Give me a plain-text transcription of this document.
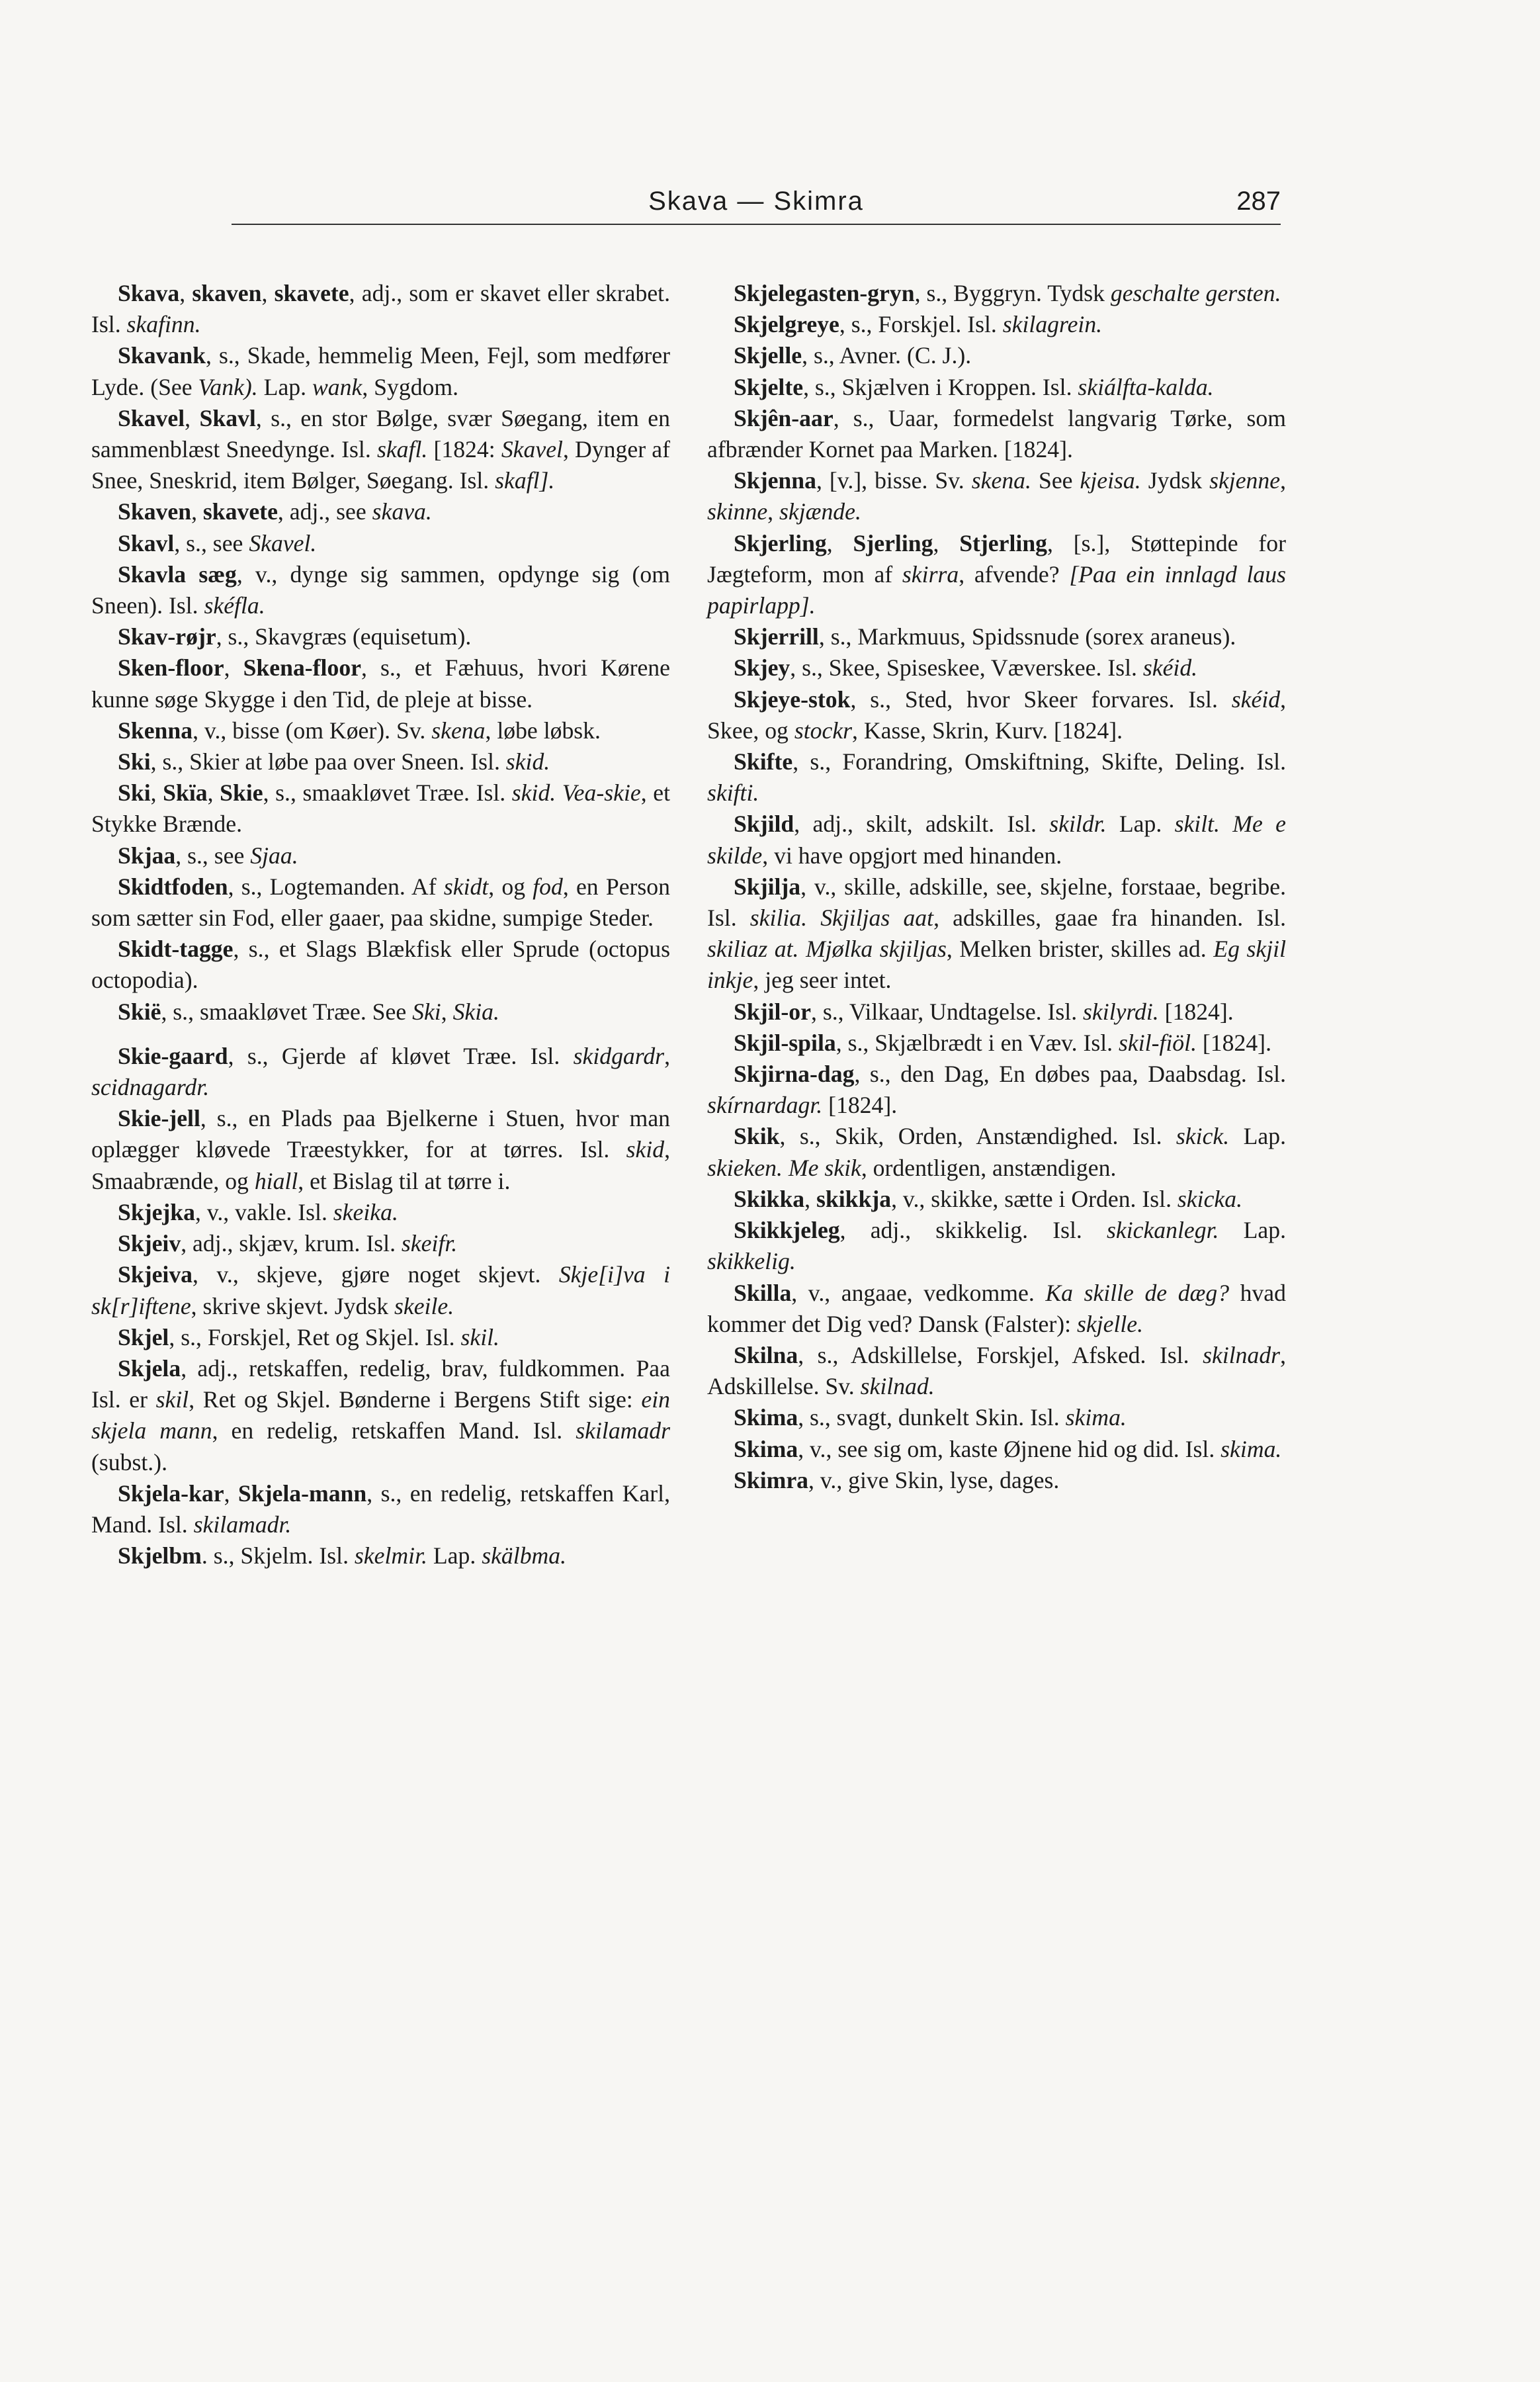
Skava — Skimra	287

Skava, skaven, skavete, adj., som er skavet eller skrabet. Isl. skafinn.

Skavank, s., Skade, hemmelig Meen, Fejl, som medfører Lyde. (See Vank). Lap. wank, Sygdom.

Skavel, Skavl, s., en stor Bølge, svær Søegang, item en sammenblæst Sneedynge. Isl. skafl. [1824: Skavel, Dynger af Snee, Sneskrid, item Bølger, Søegang. Isl. skafl].

Skaven, skavete, adj., see skava.

Skavl, s., see Skavel.

Skavla sæg, v., dynge sig sammen, opdynge sig (om Sneen). Isl. skéfla.

Skav-røjr, s., Skavgræs (equisetum).

Sken-floor, Skena-floor, s., et Fæhuus, hvori Kørene kunne søge Skygge i den Tid, de pleje at bisse.

Skenna, v., bisse (om Køer). Sv. skena, løbe løbsk.

Ski, s., Skier at løbe paa over Sneen. Isl. skid.

Ski, Skïa, Skie, s., smaakløvet Træe. Isl. skid. Vea-skie, et Stykke Brænde.

Skjaa, s., see Sjaa.

Skidtfoden, s., Logtemanden. Af skidt, og fod, en Person som sætter sin Fod, eller gaaer, paa skidne, sumpige Steder.

Skidt-tagge, s., et Slags Blækfisk eller Sprude (octopus octopodia).

Skië, s., smaakløvet Træe. See Ski, Skia.

Skie-gaard, s., Gjerde af kløvet Træe. Isl. skidgardr, scidnagardr.

Skie-jell, s., en Plads paa Bjelkerne i Stuen, hvor man oplægger kløvede Træestykker, for at tørres. Isl. skid, Smaabrænde, og hiall, et Bislag til at tørre i.

Skjejka, v., vakle. Isl. skeika.

Skjeiv, adj., skjæv, krum. Isl. skeifr.

Skjeiva, v., skjeve, gjøre noget skjevt. Skje[i]va i sk[r]iftene, skrive skjevt. Jydsk skeile.

Skjel, s., Forskjel, Ret og Skjel. Isl. skil.

Skjela, adj., retskaffen, redelig, brav, fuldkommen. Paa Isl. er skil, Ret og Skjel. Bønderne i Bergens Stift sige: ein skjela mann, en redelig, retskaffen Mand. Isl. skilamadr (subst.).

Skjela-kar, Skjela-mann, s., en redelig, retskaffen Karl, Mand. Isl. skilamadr.

Skjelbm. s., Skjelm. Isl. skelmir. Lap. skälbma.

Skjelegasten-gryn, s., Byggryn. Tydsk geschalte gersten.

Skjelgreye, s., Forskjel. Isl. skilagrein.

Skjelle, s., Avner. (C. J.).

Skjelte, s., Skjælven i Kroppen. Isl. skiálfta-kalda.

Skjên-aar, s., Uaar, formedelst langvarig Tørke, som afbrænder Kornet paa Marken. [1824].

Skjenna, [v.], bisse. Sv. skena. See kjeisa. Jydsk skjenne, skinne, skjænde.

Skjerling, Sjerling, Stjerling, [s.], Støttepinde for Jægteform, mon af skirra, afvende? [Paa ein innlagd laus papirlapp].

Skjerrill, s., Markmuus, Spidssnude (sorex araneus).

Skjey, s., Skee, Spiseskee, Væverskee. Isl. skéid.

Skjeye-stok, s., Sted, hvor Skeer forvares. Isl. skéid, Skee, og stockr, Kasse, Skrin, Kurv. [1824].

Skifte, s., Forandring, Omskiftning, Skifte, Deling. Isl. skifti.

Skjild, adj., skilt, adskilt. Isl. skildr. Lap. skilt. Me e skilde, vi have opgjort med hinanden.

Skjilja, v., skille, adskille, see, skjelne, forstaae, begribe. Isl. skilia. Skjiljas aat, adskilles, gaae fra hinanden. Isl. skiliaz at. Mjølka skjiljas, Melken brister, skilles ad. Eg skjil inkje, jeg seer intet.

Skjil-or, s., Vilkaar, Undtagelse. Isl. skilyrdi. [1824].

Skjil-spila, s., Skjælbrædt i en Væv. Isl. skil-fiöl. [1824].

Skjirna-dag, s., den Dag, En døbes paa, Daabsdag. Isl. skírnardagr. [1824].

Skik, s., Skik, Orden, Anstændighed. Isl. skick. Lap. skieken. Me skik, ordentligen, anstændigen.

Skikka, skikkja, v., skikke, sætte i Orden. Isl. skicka.

Skikkjeleg, adj., skikkelig. Isl. skickanlegr. Lap. skikkelig.

Skilla, v., angaae, vedkomme. Ka skille de dæg? hvad kommer det Dig ved? Dansk (Falster): skjelle.

Skilna, s., Adskillelse, Forskjel, Afsked. Isl. skilnadr, Adskillelse. Sv. skilnad.

Skima, s., svagt, dunkelt Skin. Isl. skima.

Skima, v., see sig om, kaste Øjnene hid og did. Isl. skima.

Skimra, v., give Skin, lyse, dages.
